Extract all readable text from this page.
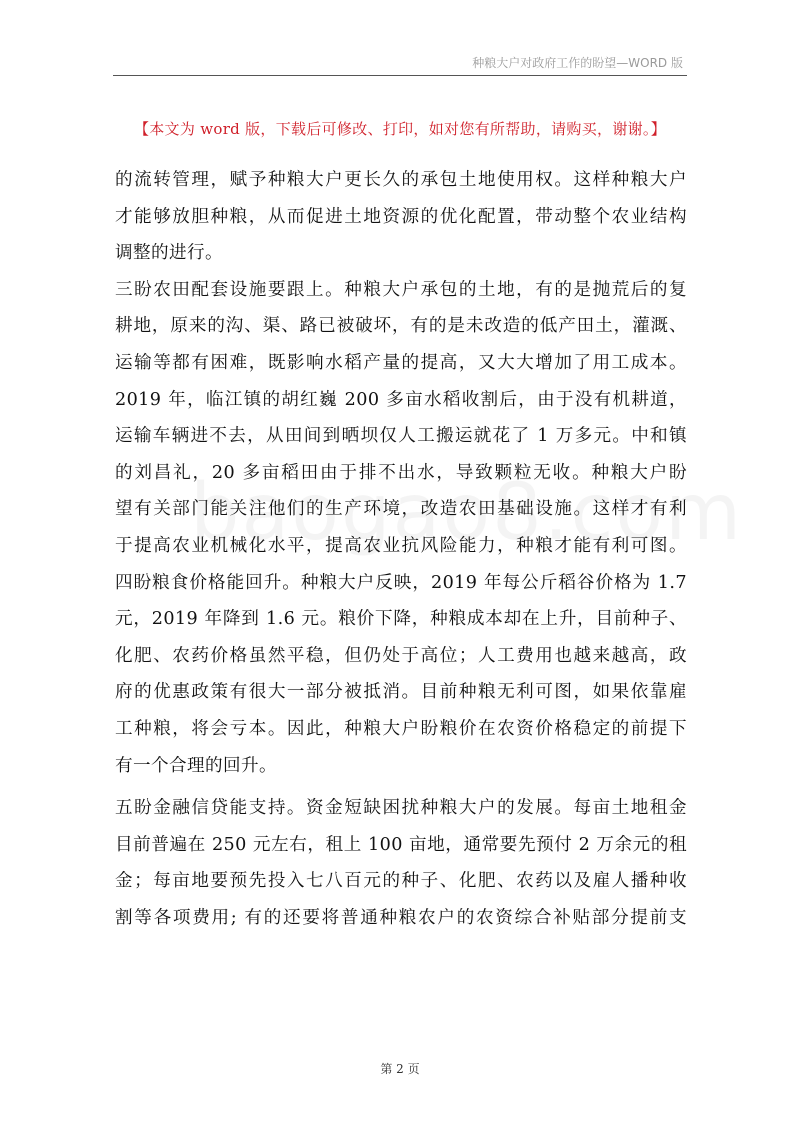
种粮大户对政府工作的盼望—WORD 版
【本文为 word 版，下载后可修改、打印，如对您有所帮助，请购买，谢谢。】
的流转管理，赋予种粮大户更长久的承包土地使用权。这样种粮大户
才能够放胆种粮，从而促进土地资源的优化配置，带动整个农业结构
调整的进行。
三盼农田配套设施要跟上。种粮大户承包的土地，有的是抛荒后的复
耕地，原来的沟、渠、路已被破坏，有的是未改造的低产田土，灌溉、
运输等都有困难，既影响水稻产量的提高，又大大增加了用工成本。
2019 年，临江镇的胡红巍 200 多亩水稻收割后，由于没有机耕道，
运输车辆进不去，从田间到晒坝仅人工搬运就花了 1 万多元。中和镇
的刘昌礼，20 多亩稻田由于排不出水，导致颗粒无收。种粮大户盼
望有关部门能关注他们的生产环境，改造农田基础设施。这样才有利
于提高农业机械化水平，提高农业抗风险能力，种粮才能有利可图。
四盼粮食价格能回升。种粮大户反映，2019 年每公斤稻谷价格为 1.7
元，2019 年降到 1.6 元。粮价下降，种粮成本却在上升，目前种子、
化肥、农药价格虽然平稳，但仍处于高位；人工费用也越来越高，政
府的优惠政策有很大一部分被抵消。目前种粮无利可图，如果依靠雇
工种粮，将会亏本。因此，种粮大户盼粮价在农资价格稳定的前提下
有一个合理的回升。
五盼金融信贷能支持。资金短缺困扰种粮大户的发展。每亩土地租金
目前普遍在 250 元左右，租上 100 亩地，通常要先预付 2 万余元的租
金；每亩地要预先投入七八百元的种子、化肥、农药以及雇人播种收
割等各项费用; 有的还要将普通种粮农户的农资综合补贴部分提前支
第 2 页
